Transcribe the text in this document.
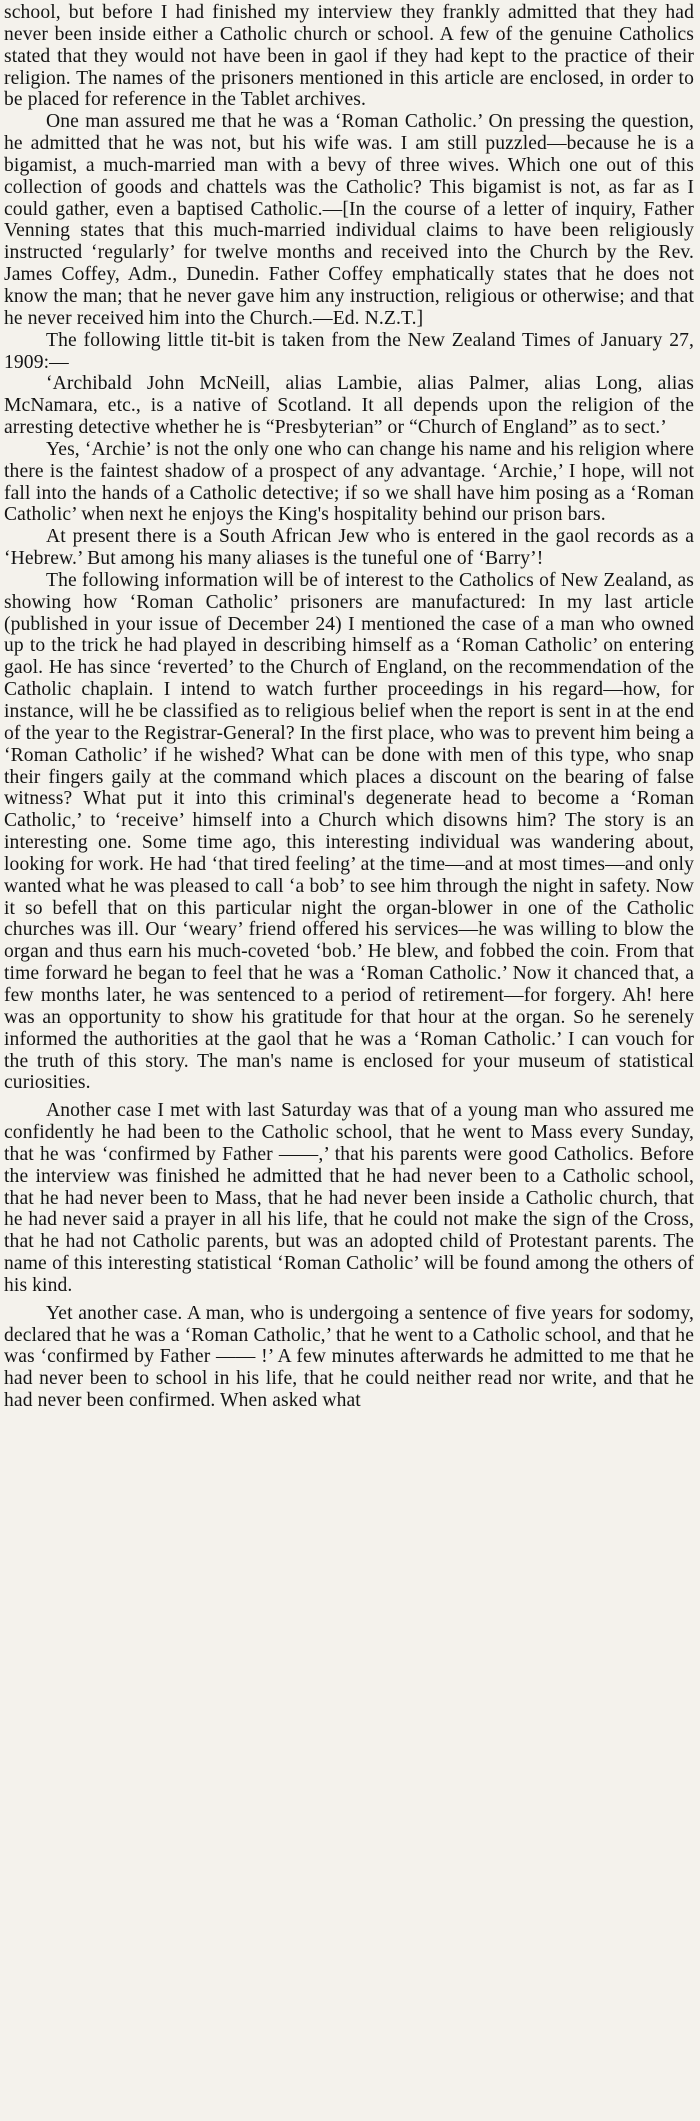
school, but before I had finished my interview they frankly admitted that they had never been inside either a Catholic church or school. A few of the genuine Catholics stated that they would not have been in gaol if they had kept to the practice of their religion. The names of the prisoners mentioned in this article are enclosed, in order to be placed for reference in the Tablet archives.

One man assured me that he was a ‘Roman Catholic.’ On pressing the question, he admitted that he was not, but his wife was. I am still puzzled—because he is a bigamist, a much-married man with a bevy of three wives. Which one out of this collection of goods and chattels was the Catholic? This bigamist is not, as far as I could gather, even a baptised Catholic.—[In the course of a letter of inquiry, Father Venning states that this much-married individual claims to have been religiously instructed ‘regularly’ for twelve months and received into the Church by the Rev. James Coffey, Adm., Dunedin. Father Coffey emphatically states that he does not know the man; that he never gave him any instruction, religious or otherwise; and that he never received him into the Church.—Ed. N.Z.T.]

The following little tit-bit is taken from the New Zealand Times of January 27, 1909:—

‘Archibald John McNeill, alias Lambie, alias Palmer, alias Long, alias McNamara, etc., is a native of Scotland. It all depends upon the religion of the arresting detective whether he is “Presbyterian” or “Church of England” as to sect.’

Yes, ‘Archie’ is not the only one who can change his name and his religion where there is the faintest shadow of a prospect of any advantage. ‘Archie,’ I hope, will not fall into the hands of a Catholic detective; if so we shall have him posing as a ‘Roman Catholic’ when next he enjoys the King's hospitality behind our prison bars.

At present there is a South African Jew who is entered in the gaol records as a ‘Hebrew.’ But among his many aliases is the tuneful one of ‘Barry’!

The following information will be of interest to the Catholics of New Zealand, as showing how ‘Roman Catholic’ prisoners are manufactured: In my last article (published in your issue of December 24) I mentioned the case of a man who owned up to the trick he had played in describing himself as a ‘Roman Catholic’ on entering gaol. He has since ‘reverted’ to the Church of England, on the recommendation of the Catholic chaplain. I intend to watch further proceedings in his regard—how, for instance, will he be classified as to religious belief when the report is sent in at the end of the year to the Registrar-General? In the first place, who was to prevent him being a ‘Roman Catholic’ if he wished? What can be done with men of this type, who snap their fingers gaily at the command which places a discount on the bearing of false witness? What put it into this criminal's degenerate head to become a ‘Roman Catholic,’ to ‘receive’ himself into a Church which disowns him? The story is an interesting one. Some time ago, this interesting individual was wandering about, looking for work. He had ‘that tired feeling’ at the time—and at most times—and only wanted what he was pleased to call ‘a bob’ to see him through the night in safety. Now it so befell that on this particular night the organ-blower in one of the Catholic churches was ill. Our ‘weary’ friend offered his services—he was willing to blow the organ and thus earn his much-coveted ‘bob.’ He blew, and fobbed the coin. From that time forward he began to feel that he was a ‘Roman Catholic.’ Now it chanced that, a few months later, he was sentenced to a period of retirement—for forgery. Ah! here was an opportunity to show his gratitude for that hour at the organ. So he serenely informed the authorities at the gaol that he was a ‘Roman Catholic.’ I can vouch for the truth of this story. The man's name is enclosed for your museum of statistical curiosities.

Another case I met with last Saturday was that of a young man who assured me confidently he had been to the Catholic school, that he went to Mass every Sunday, that he was ‘confirmed by Father ——,’ that his parents were good Catholics. Before the interview was finished he admitted that he had never been to a Catholic school, that he had never been to Mass, that he had never been inside a Catholic church, that he had never said a prayer in all his life, that he could not make the sign of the Cross, that he had not Catholic parents, but was an adopted child of Protestant parents. The name of this interesting statistical ‘Roman Catholic’ will be found among the others of his kind.

Yet another case. A man, who is undergoing a sentence of five years for sodomy, declared that he was a ‘Roman Catholic,’ that he went to a Catholic school, and that he was ‘confirmed by Father —— !’ A few minutes afterwards he admitted to me that he had never been to school in his life, that he could neither read nor write, and that he had never been confirmed. When asked what
